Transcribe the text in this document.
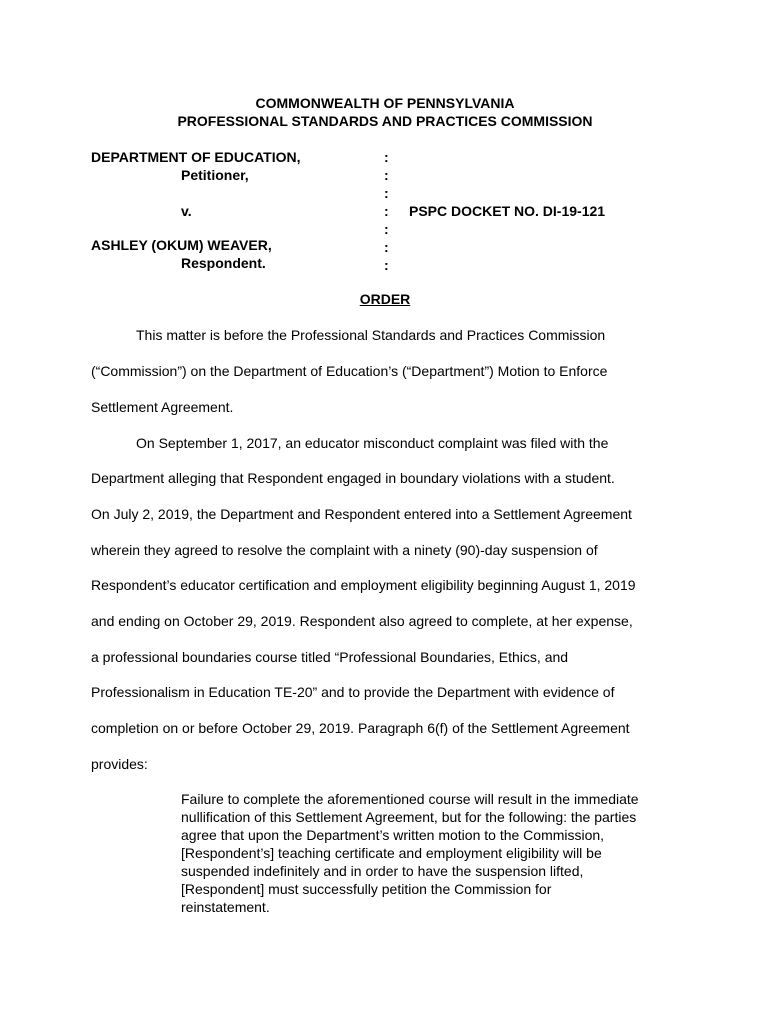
COMMONWEALTH OF PENNSYLVANIA
PROFESSIONAL STANDARDS AND PRACTICES COMMISSION
DEPARTMENT OF EDUCATION,
Petitioner,
v.
ASHLEY (OKUM) WEAVER,
Respondent.
:
:
:
:
:
:
:
PSPC DOCKET NO. DI-19-121
ORDER
This matter is before the Professional Standards and Practices Commission
(“Commission”) on the Department of Education’s (“Department”) Motion to Enforce
Settlement Agreement.
On September 1, 2017, an educator misconduct complaint was filed with the
Department alleging that Respondent engaged in boundary violations with a student.
On July 2, 2019, the Department and Respondent entered into a Settlement Agreement
wherein they agreed to resolve the complaint with a ninety (90)-day suspension of
Respondent’s educator certification and employment eligibility beginning August 1, 2019
and ending on October 29, 2019. Respondent also agreed to complete, at her expense,
a professional boundaries course titled “Professional Boundaries, Ethics, and
Professionalism in Education TE-20” and to provide the Department with evidence of
completion on or before October 29, 2019. Paragraph 6(f) of the Settlement Agreement
provides:
Failure to complete the aforementioned course will result in the immediate
nullification of this Settlement Agreement, but for the following: the parties
agree that upon the Department’s written motion to the Commission,
[Respondent’s] teaching certificate and employment eligibility will be
suspended indefinitely and in order to have the suspension lifted,
[Respondent] must successfully petition the Commission for
reinstatement.
